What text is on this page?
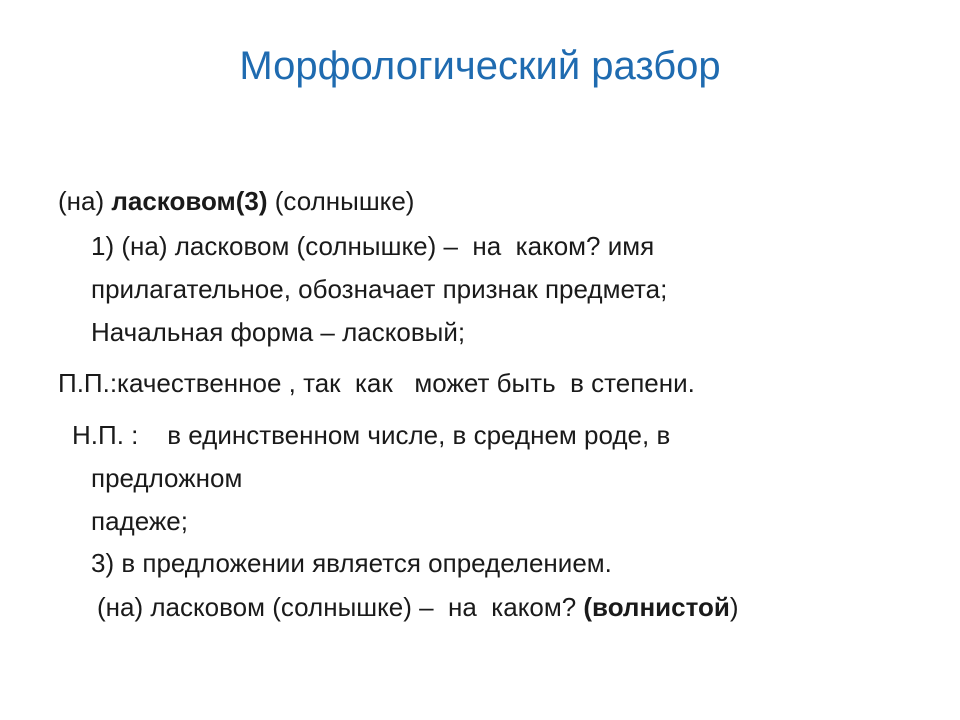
Морфологический разбор
(на) ласковом(3) (солнышке)
1) (на) ласковом (солнышке) –  на  каком? имя
прилагательное, обозначает признак предмета;
Начальная форма – ласковый;
П.П.:качественное , так  как   может быть  в степени.
Н.П. :    в единственном числе, в среднем роде, в
предложном
падеже;
3) в предложении является определением.
(на) ласковом (солнышке) –  на  каком? (волнистой)
